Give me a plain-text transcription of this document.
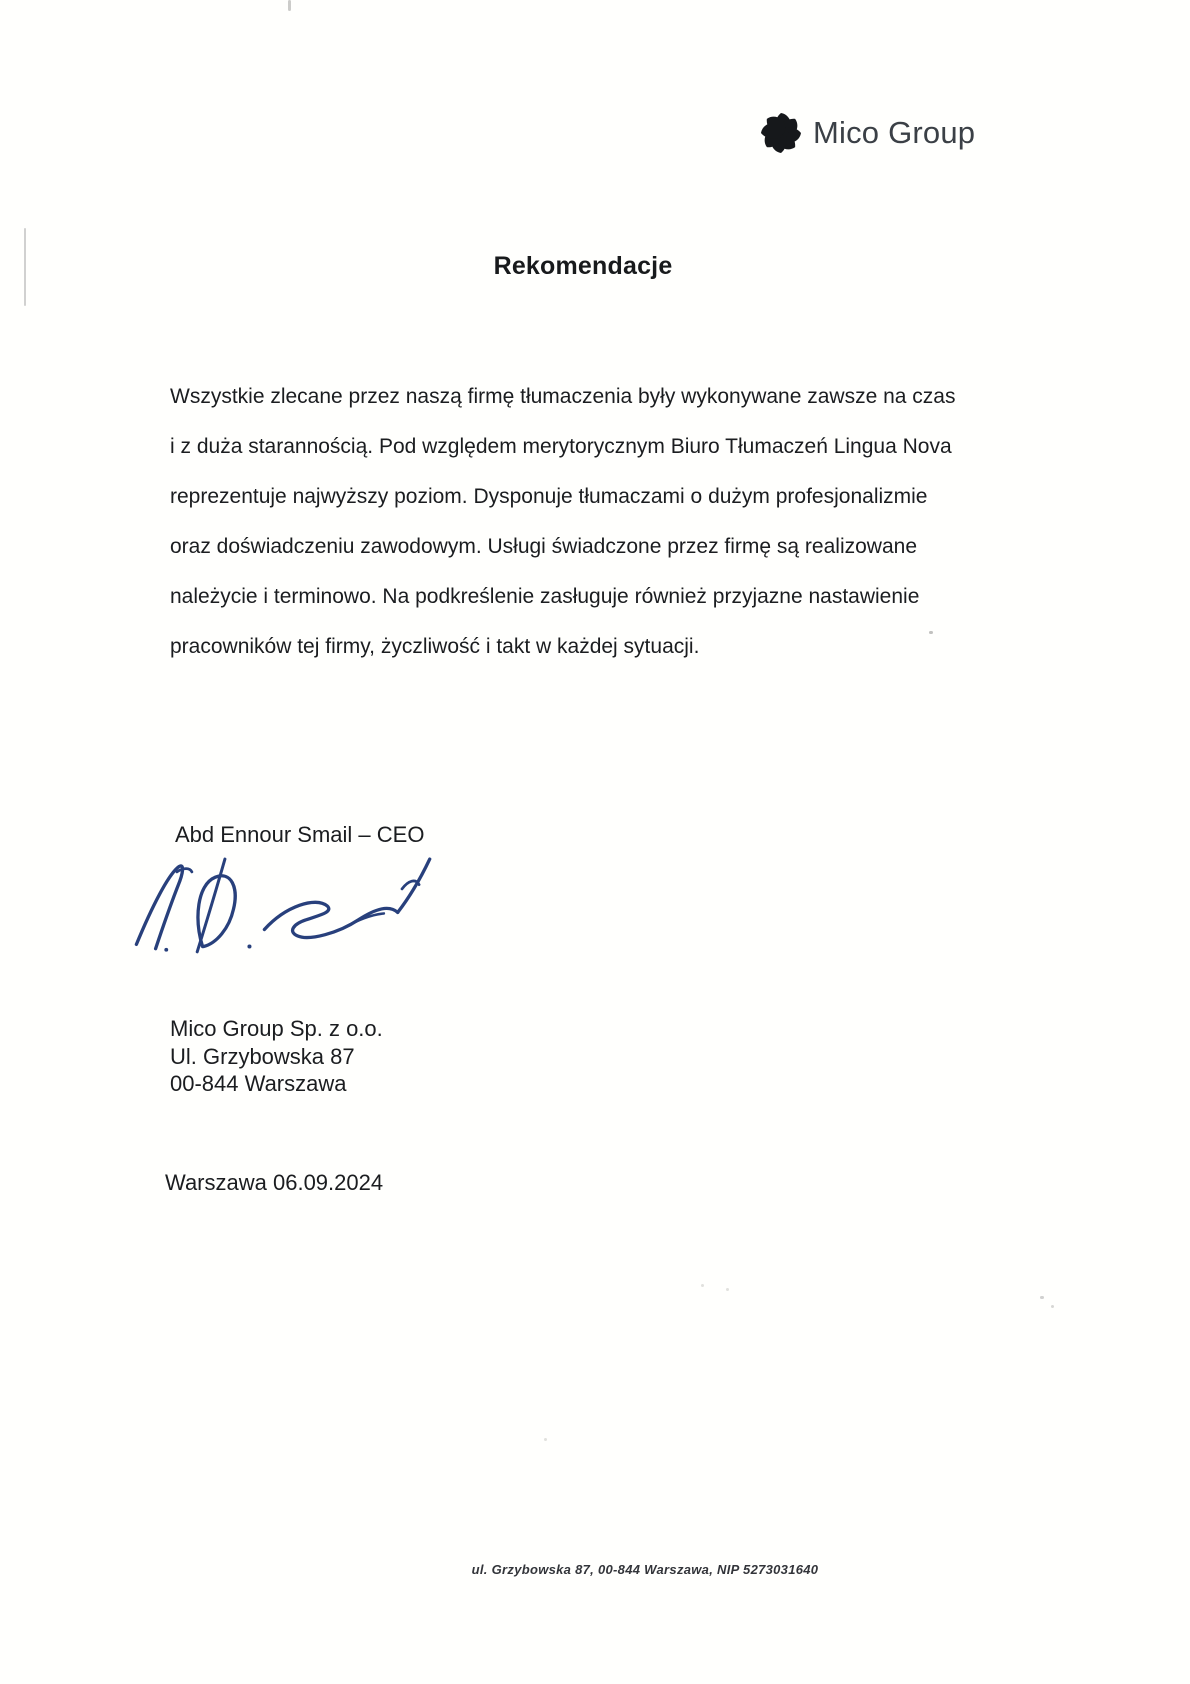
Mico Group
Rekomendacje
Wszystkie zlecane przez naszą firmę tłumaczenia były wykonywane zawsze na czas
i z duża starannością. Pod względem merytorycznym Biuro Tłumaczeń Lingua Nova
reprezentuje najwyższy poziom. Dysponuje tłumaczami o dużym profesjonalizmie
oraz doświadczeniu zawodowym. Usługi świadczone przez firmę są realizowane
należycie i terminowo. Na podkreślenie zasługuje również przyjazne nastawienie
pracowników tej firmy, życzliwość i takt w każdej sytuacji.
Abd Ennour Smail – CEO
Mico Group Sp. z o.o.
Ul. Grzybowska 87
00-844 Warszawa
Warszawa 06.09.2024
ul. Grzybowska 87, 00-844 Warszawa, NIP 5273031640
